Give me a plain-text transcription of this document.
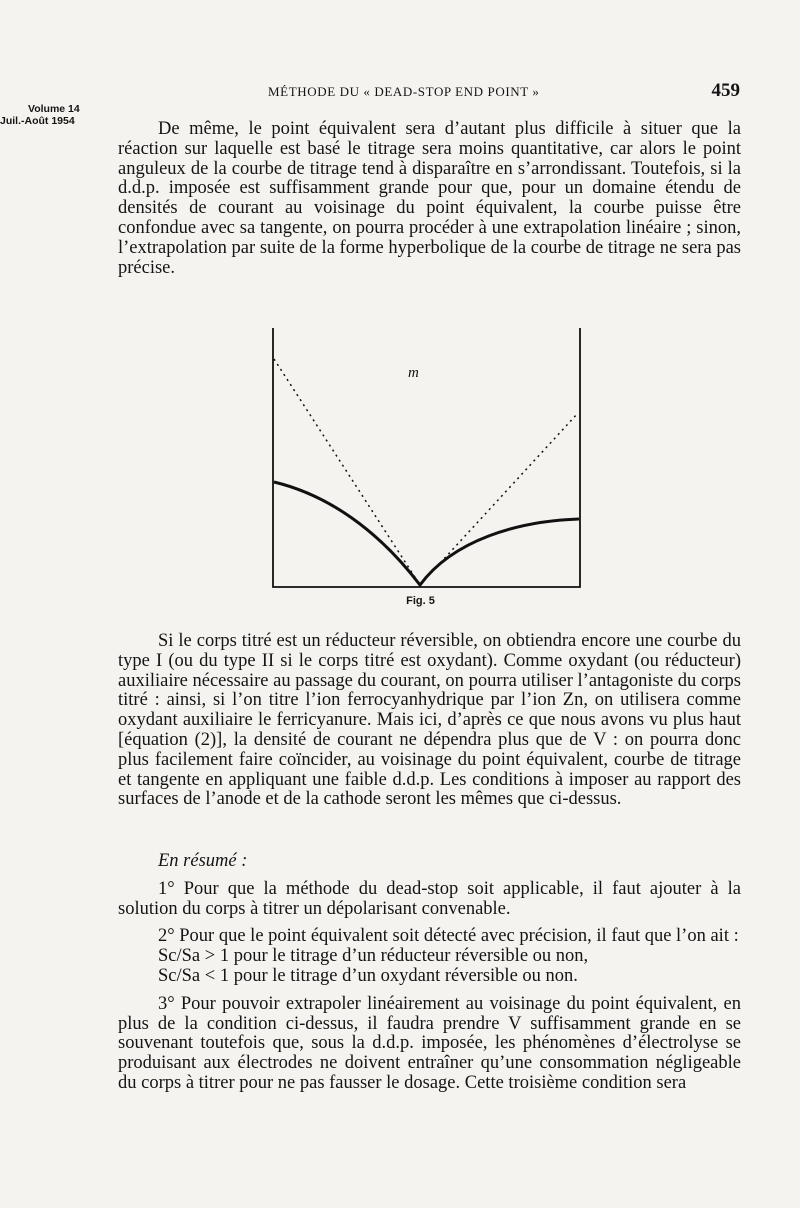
Volume 14
Juil.-Août 1954
MÉTHODE DU « DEAD-STOP END POINT »	459

De même, le point équivalent sera d’autant plus difficile à situer que la réaction sur laquelle est basé le titrage sera moins quantitative, car alors le point anguleux de la courbe de titrage tend à disparaître en s’arrondissant. Toutefois, si la d.d.p. imposée est suffisamment grande pour que, pour un domaine étendu de densités de courant au voisinage du point équivalent, la courbe puisse être confondue avec sa tangente, on pourra procéder à une extrapolation linéaire ; sinon, l’extrapolation par suite de la forme hyperbolique de la courbe de titrage ne sera pas précise.

m
Fig. 5

Si le corps titré est un réducteur réversible, on obtiendra encore une courbe du type I (ou du type II si le corps titré est oxydant). Comme oxydant (ou réducteur) auxiliaire nécessaire au passage du courant, on pourra utiliser l’antagoniste du corps titré : ainsi, si l’on titre l’ion ferrocyanhydrique par l’ion Zn, on utilisera comme oxydant auxiliaire le ferricyanure. Mais ici, d’après ce que nous avons vu plus haut [équation (2)], la densité de courant ne dépendra plus que de V : on pourra donc plus facilement faire coïncider, au voisinage du point équivalent, courbe de titrage et tangente en appliquant une faible d.d.p. Les conditions à imposer au rapport des surfaces de l’anode et de la cathode seront les mêmes que ci-dessus.

En résumé :

1° Pour que la méthode du dead-stop soit applicable, il faut ajouter à la solution du corps à titrer un dépolarisant convenable.

2° Pour que le point équivalent soit détecté avec précision, il faut que l’on ait :

Sc/Sa > 1 pour le titrage d’un réducteur réversible ou non,
Sc/Sa < 1 pour le titrage d’un oxydant réversible ou non.

3° Pour pouvoir extrapoler linéairement au voisinage du point équivalent, en plus de la condition ci-dessus, il faudra prendre V suffisamment grande en se souvenant toutefois que, sous la d.d.p. imposée, les phénomènes d’électrolyse se produisant aux électrodes ne doivent entraîner qu’une consommation négligeable du corps à titrer pour ne pas fausser le dosage. Cette troisième condition sera
